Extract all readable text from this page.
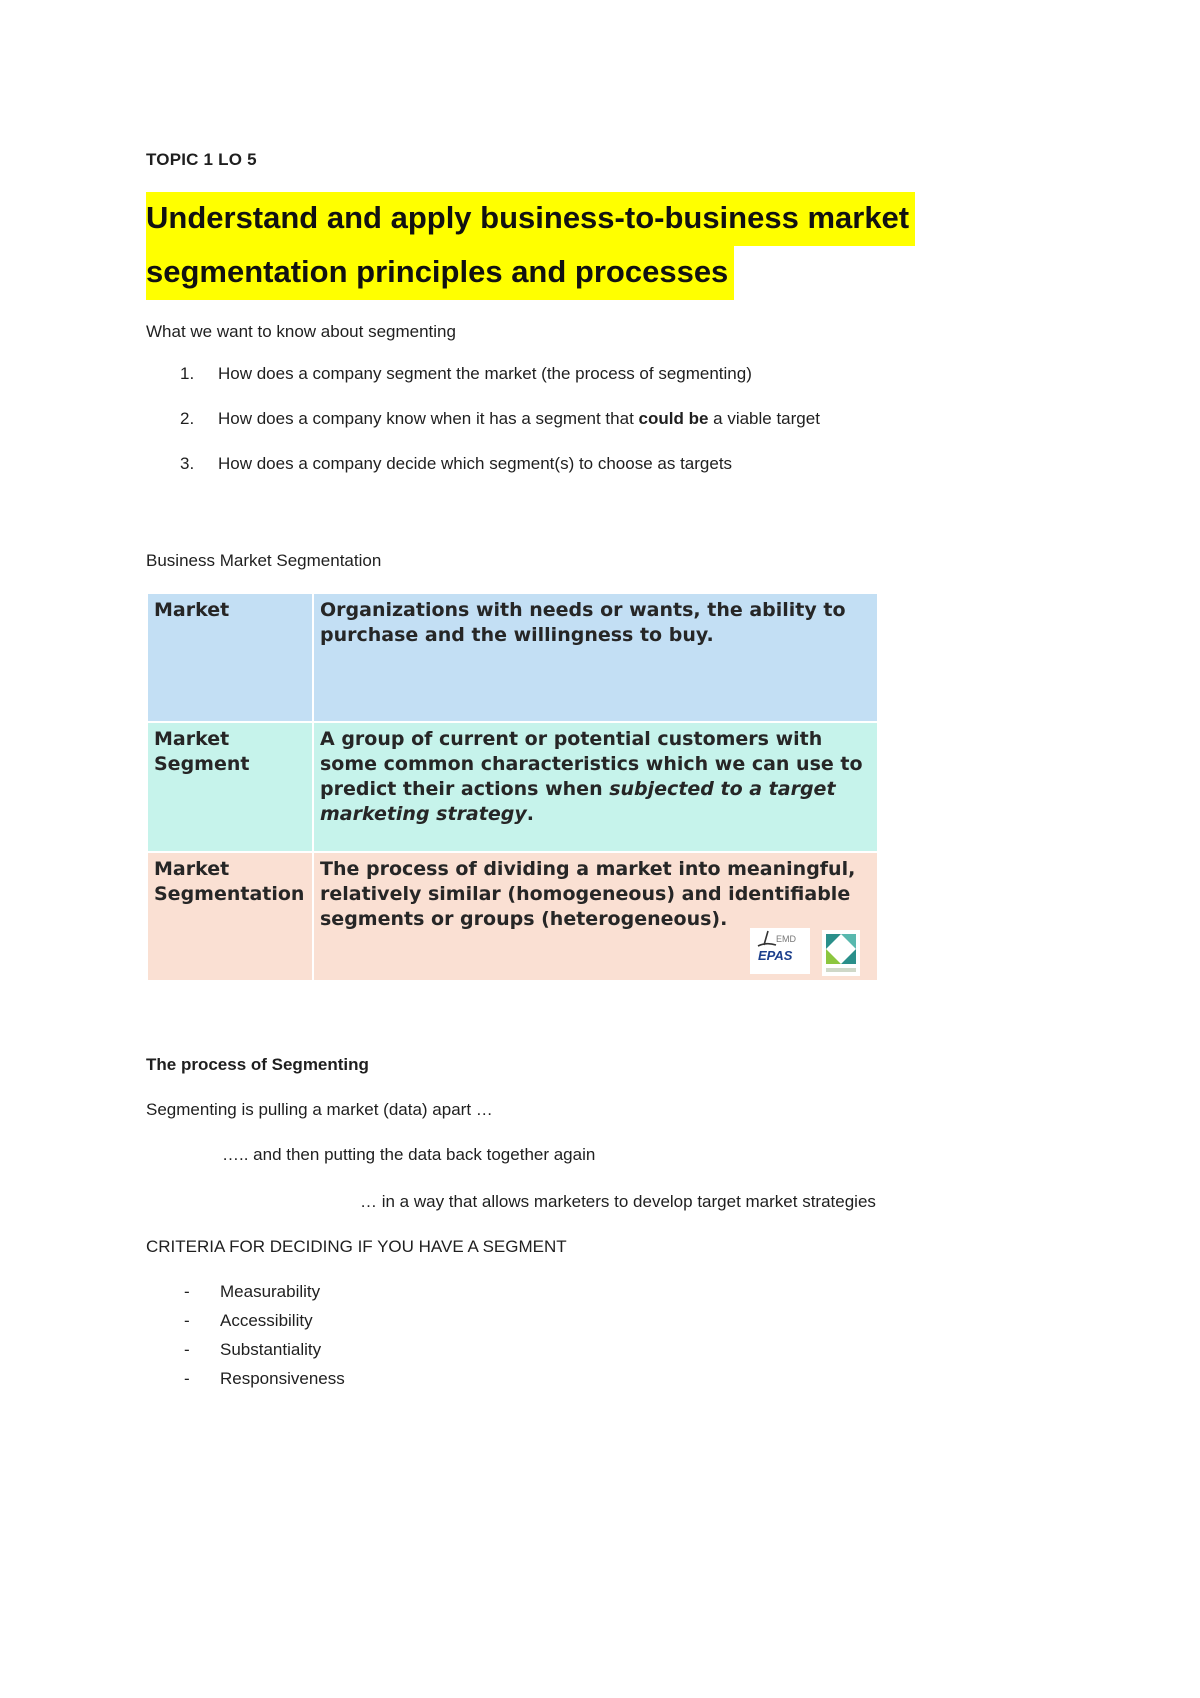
TOPIC 1 LO 5
Understand and apply business-to-business market
segmentation principles and processes
What we want to know about segmenting
1.	How does a company segment the market (the process of segmenting)
2.	How does a company know when it has a segment that could be a viable target
3.	How does a company decide which segment(s) to choose as targets
Business Market Segmentation
Market	Organizations with needs or wants, the ability to purchase and the willingness to buy.
Market
Segment	A group of current or potential customers with some common characteristics which we can use to predict their actions when subjected to a target marketing strategy.
Market
Segmentation	The process of dividing a market into meaningful, relatively similar (homogeneous) and identifiable segments or groups (heterogeneous).
EMD
EPAS
The process of Segmenting
Segmenting is pulling a market (data) apart …
….. and then putting the data back together again
… in a way that allows marketers to develop target market strategies
CRITERIA FOR DECIDING IF YOU HAVE A SEGMENT
-	Measurability
-	Accessibility
-	Substantiality
-	Responsiveness
